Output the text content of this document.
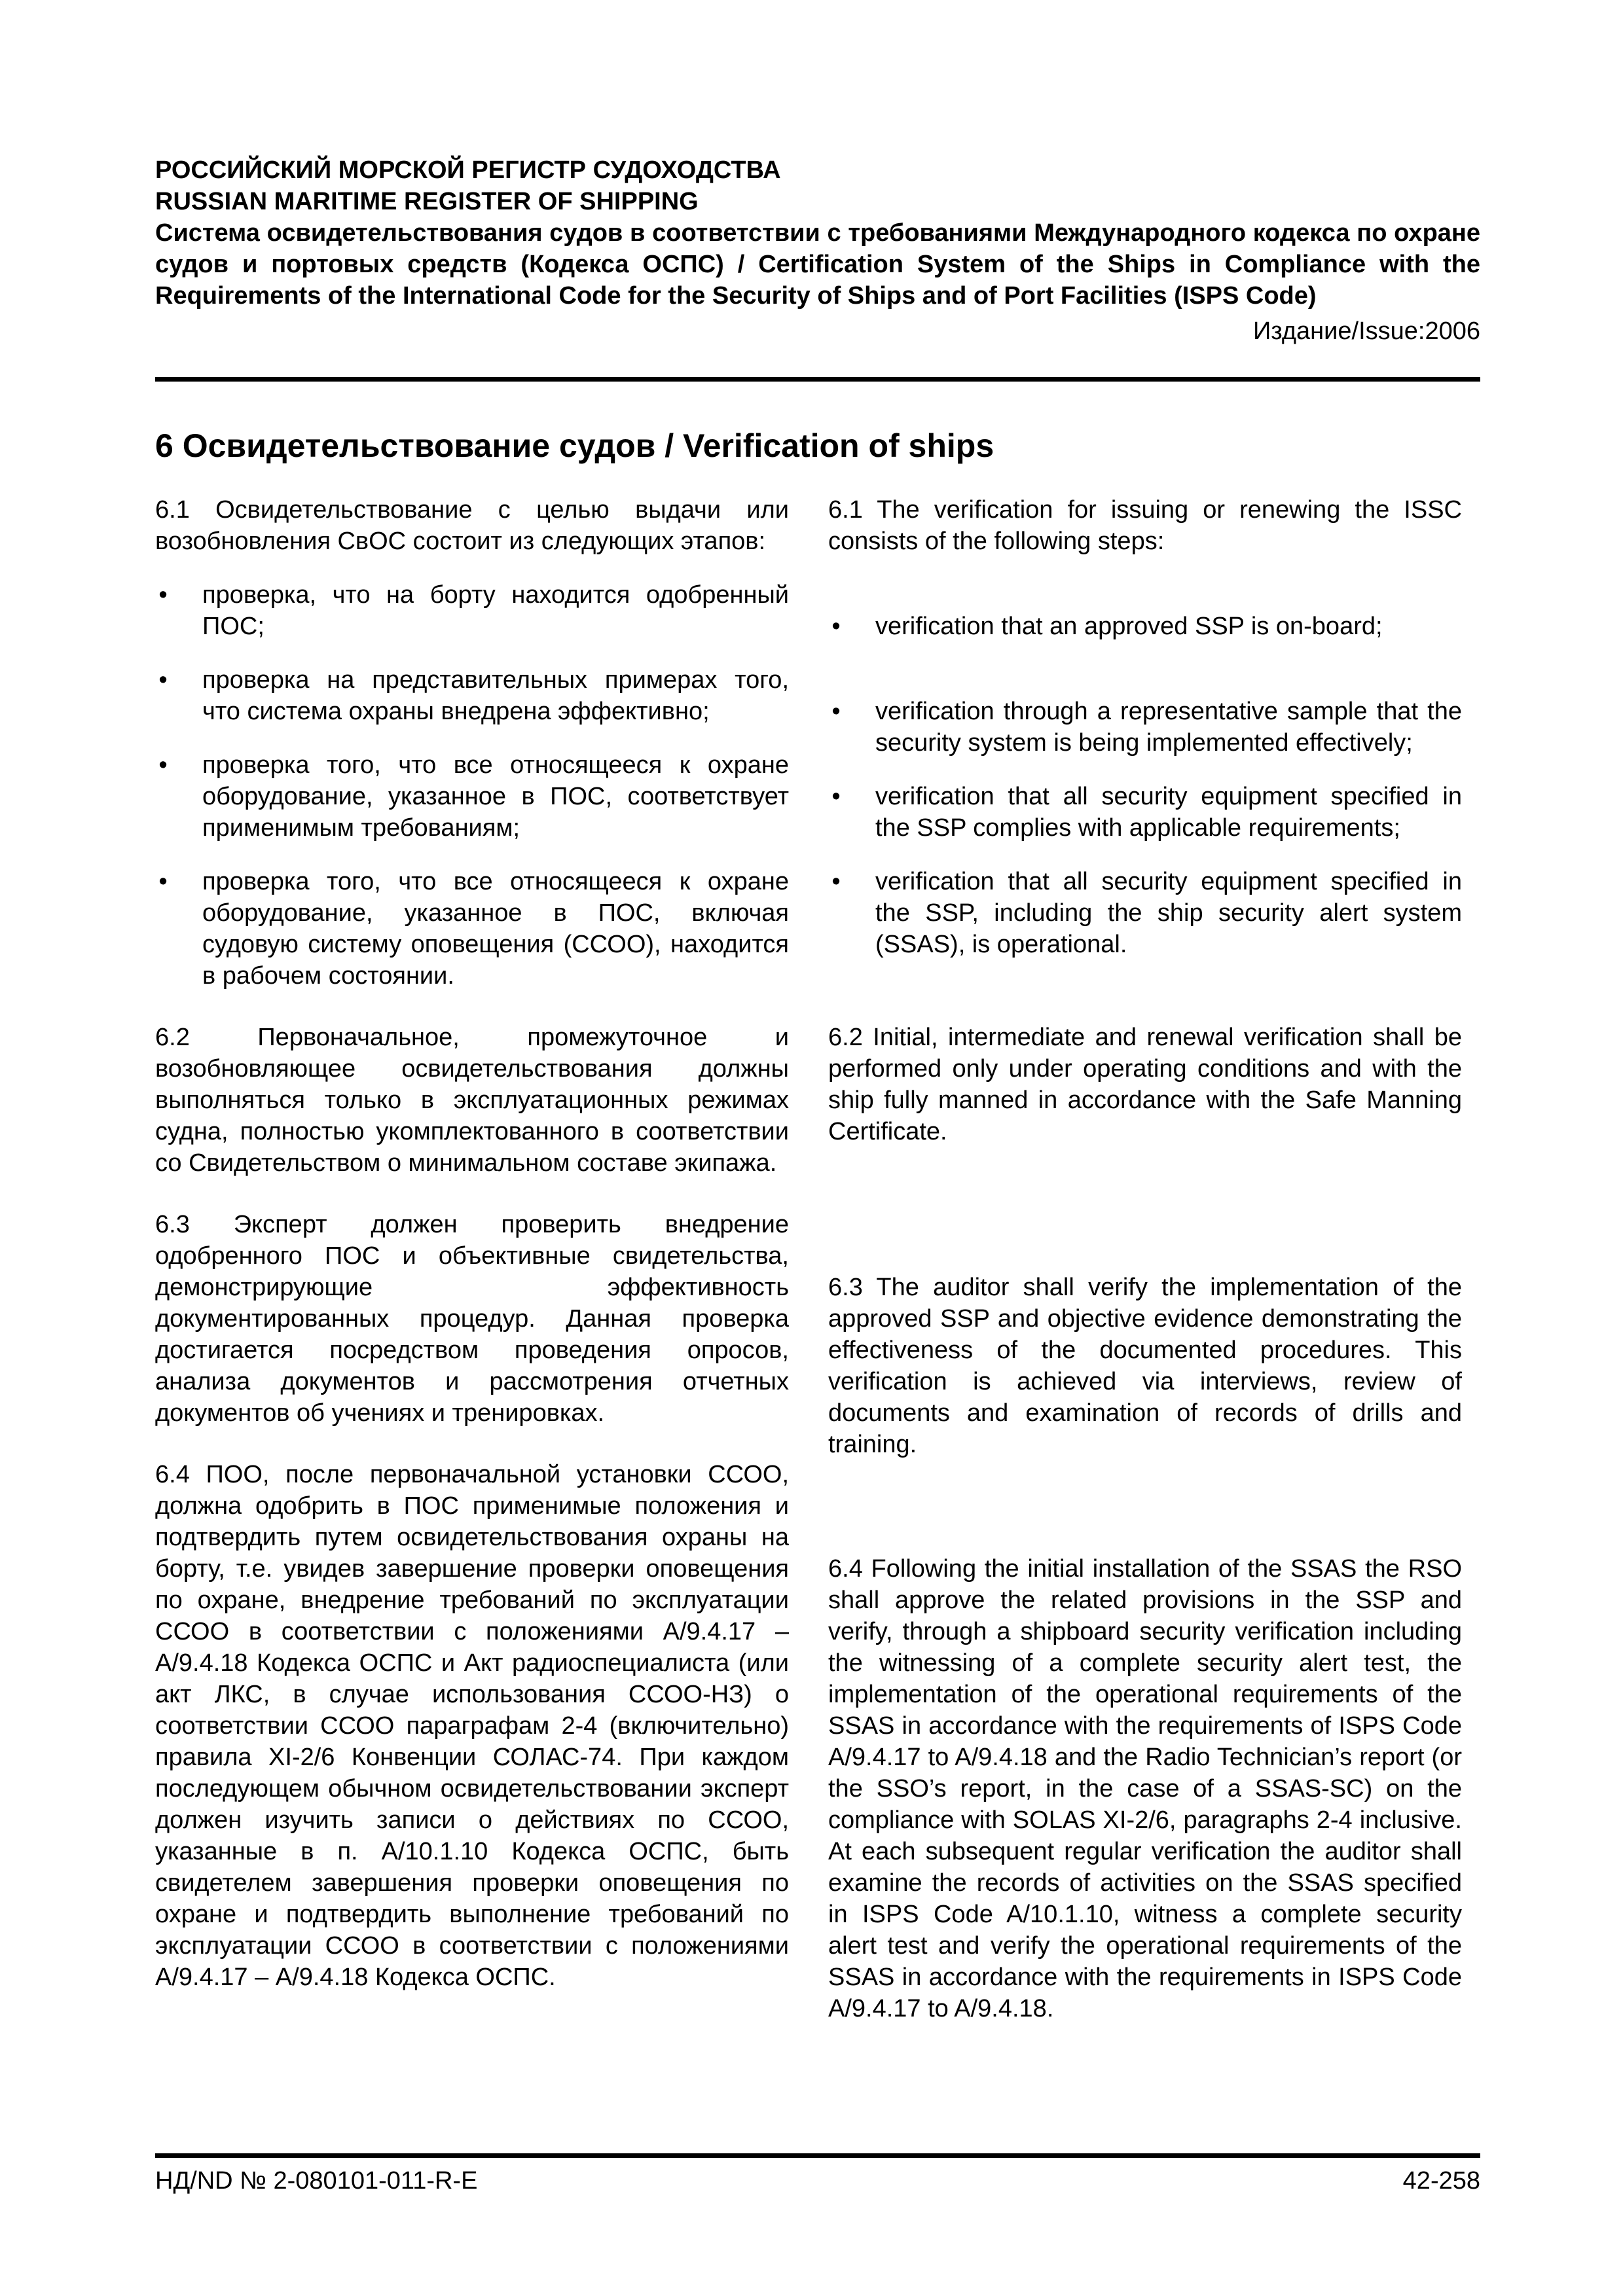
РОССИЙСКИЙ МОРСКОЙ РЕГИСТР СУДОХОДСТВА

RUSSIAN MARITIME REGISTER OF SHIPPING

Система освидетельствования судов в соответствии с требованиями Международного кодекса по охране судов и портовых средств (Кодекса ОСПС) / Certification System of the Ships in Compliance with the Requirements of the International Code for the Security of Ships and of Port Facilities (ISPS Code)

Издание/Issue:2006
6 Освидетельствование судов / Verification of ships

6.1 Освидетельствование с целью выдачи или возобновления СвОС состоит из следующих этапов:

• проверка, что на борту находится одобренный ПОС;
• проверка на представительных примерах того, что система охраны внедрена эффективно;
• проверка того, что все относящееся к охране оборудование, указанное в ПОС, соответствует применимым требованиям;
• проверка того, что все относящееся к охране оборудование, указанное в ПОС, включая судовую систему оповещения (ССОО), находится в рабочем состоянии.

6.2 Первоначальное, промежуточное и возобновляющее освидетельствования должны выполняться только в эксплуатационных режимах судна, полностью укомплектованного в соответствии со Свидетельством о минимальном составе экипажа.

6.3 Эксперт должен проверить внедрение одобренного ПОС и объективные свидетельства, демонстрирующие эффективность документированных процедур. Данная проверка достигается посредством проведения опросов, анализа документов и рассмотрения отчетных документов об учениях и тренировках.

6.4 ПОО, после первоначальной установки ССОО, должна одобрить в ПОС применимые положения и подтвердить путем освидетельствования охраны на борту, т.е. увидев завершение проверки оповещения по охране, внедрение требований по эксплуатации ССОО в соответствии с положениями А/9.4.17 – А/9.4.18 Кодекса ОСПС и Акт радиоспециалиста (или акт ЛКС, в случае использования ССОО-НЗ) о соответствии ССОО параграфам 2-4 (включительно) правила XI-2/6 Конвенции СОЛАС-74. При каждом последующем обычном освидетельствовании эксперт должен изучить записи о действиях по ССОО, указанные в п. А/10.1.10 Кодекса ОСПС, быть свидетелем завершения проверки оповещения по охране и подтвердить выполнение требований по эксплуатации ССОО в соответствии с положениями А/9.4.17 – А/9.4.18 Кодекса ОСПС.

6.1 The verification for issuing or renewing the ISSC consists of the following steps:

• verification that an approved SSP is on-board;
• verification through a representative sample that the security system is being implemented effectively;
• verification that all security equipment specified in the SSP complies with applicable requirements;
• verification that all security equipment specified in the SSP, including the ship security alert system (SSAS), is operational.

6.2 Initial, intermediate and renewal verification shall be performed only under operating conditions and with the ship fully manned in accordance with the Safe Manning Certificate.

6.3 The auditor shall verify the implementation of the approved SSP and objective evidence demonstrating the effectiveness of the documented procedures. This verification is achieved via interviews, review of documents and examination of records of drills and training.

6.4 Following the initial installation of the SSAS the RSO shall approve the related provisions in the SSP and verify, through a shipboard security verification including the witnessing of a complete security alert test, the implementation of the operational requirements of the SSAS in accordance with the requirements of ISPS Code A/9.4.17 to A/9.4.18 and the Radio Technician’s report (or the SSO’s report, in the case of a SSAS-SC) on the compliance with SOLAS XI-2/6, paragraphs 2-4 inclusive. At each subsequent regular verification the auditor shall examine the records of activities on the SSAS specified in ISPS Code A/10.1.10, witness a complete security alert test and verify the operational requirements of the SSAS in accordance with the requirements in ISPS Code A/9.4.17 to A/9.4.18.

НД/ND № 2-080101-011-R-E	42-258
